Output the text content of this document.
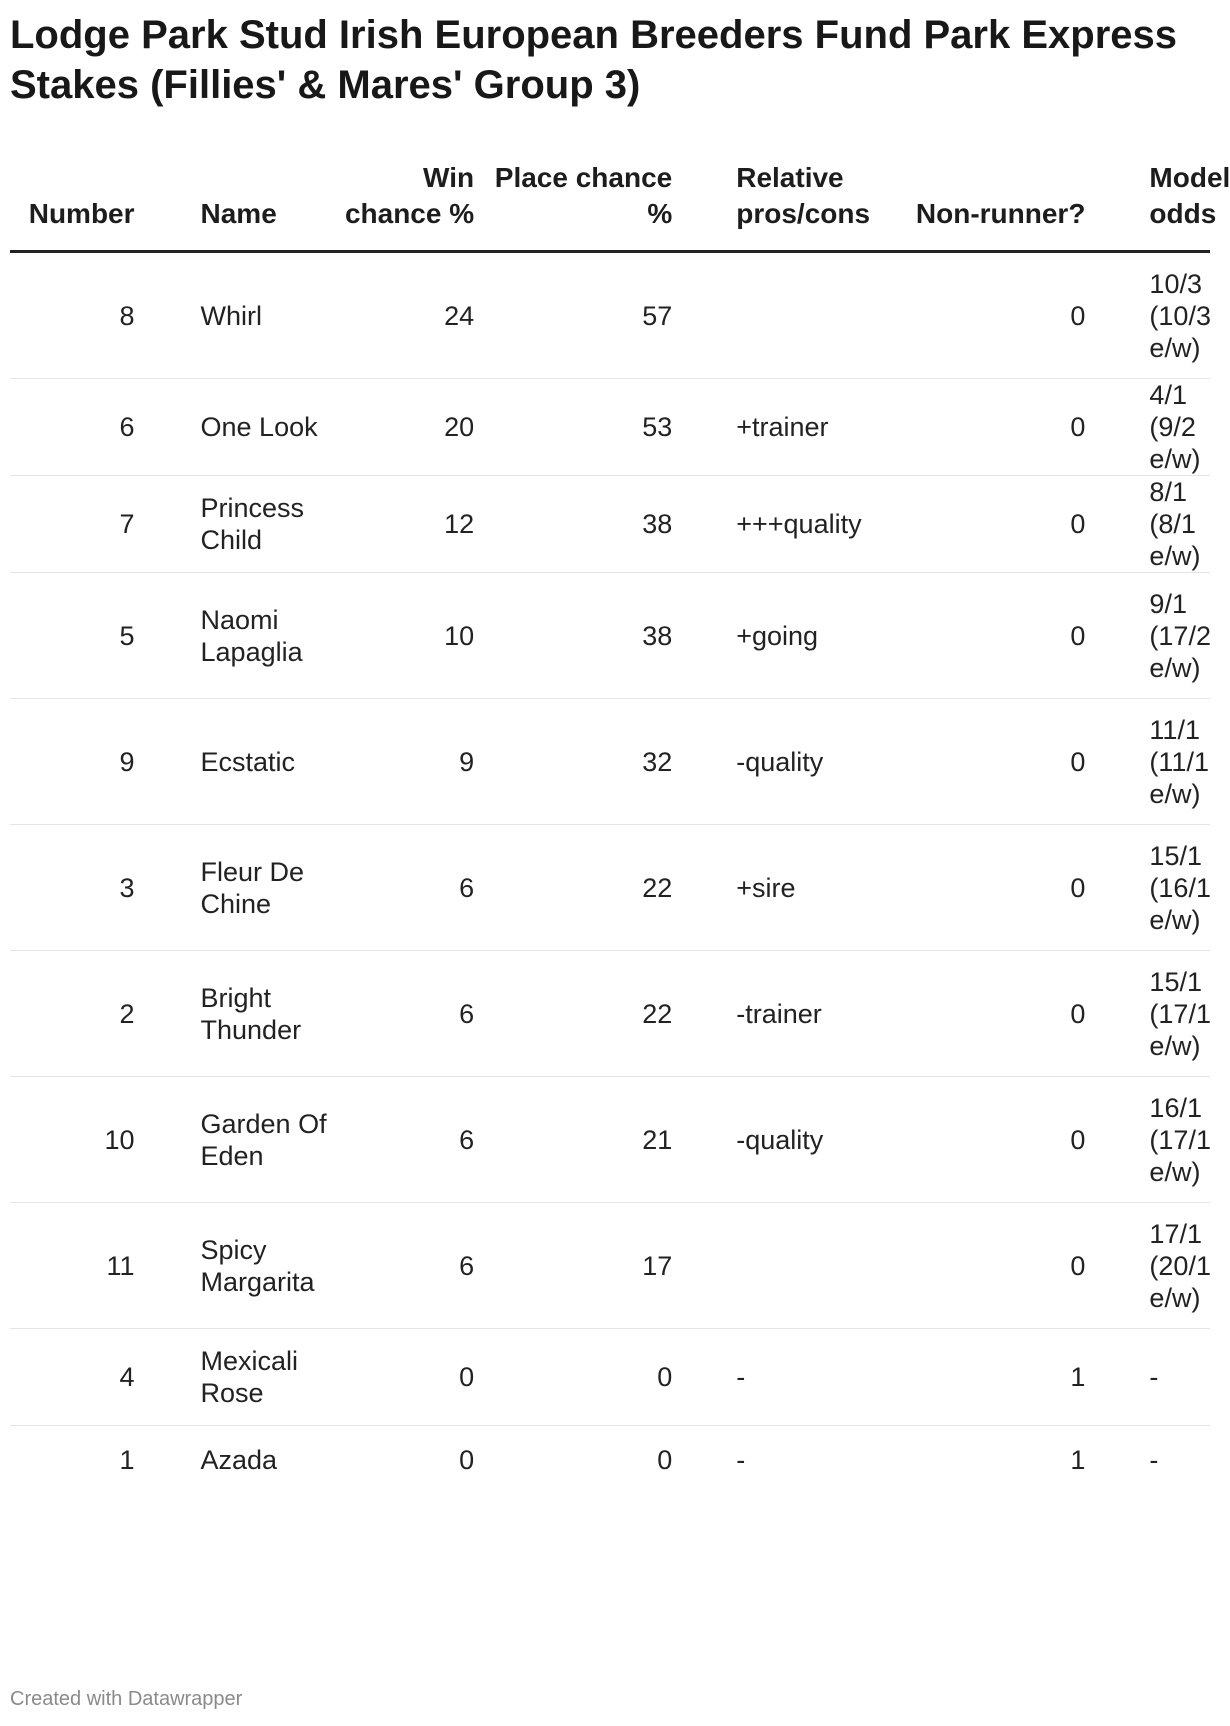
Lodge Park Stud Irish European Breeders Fund Park Express Stakes (Fillies' & Mares' Group 3)
Number	Name	Win chance %	Place chance %	Relative pros/cons	Non-runner?	Model odds
8	Whirl	24	57		0	10/3 (10/3 e/w)
6	One Look	20	53	+trainer	0	4/1 (9/2 e/w)
7	Princess Child	12	38	+++quality	0	8/1 (8/1 e/w)
5	Naomi Lapaglia	10	38	+going	0	9/1 (17/2 e/w)
9	Ecstatic	9	32	-quality	0	11/1 (11/1 e/w)
3	Fleur De Chine	6	22	+sire	0	15/1 (16/1 e/w)
2	Bright Thunder	6	22	-trainer	0	15/1 (17/1 e/w)
10	Garden Of Eden	6	21	-quality	0	16/1 (17/1 e/w)
11	Spicy Margarita	6	17		0	17/1 (20/1 e/w)
4	Mexicali Rose	0	0	-	1	-
1	Azada	0	0	-	1	-
Created with Datawrapper
